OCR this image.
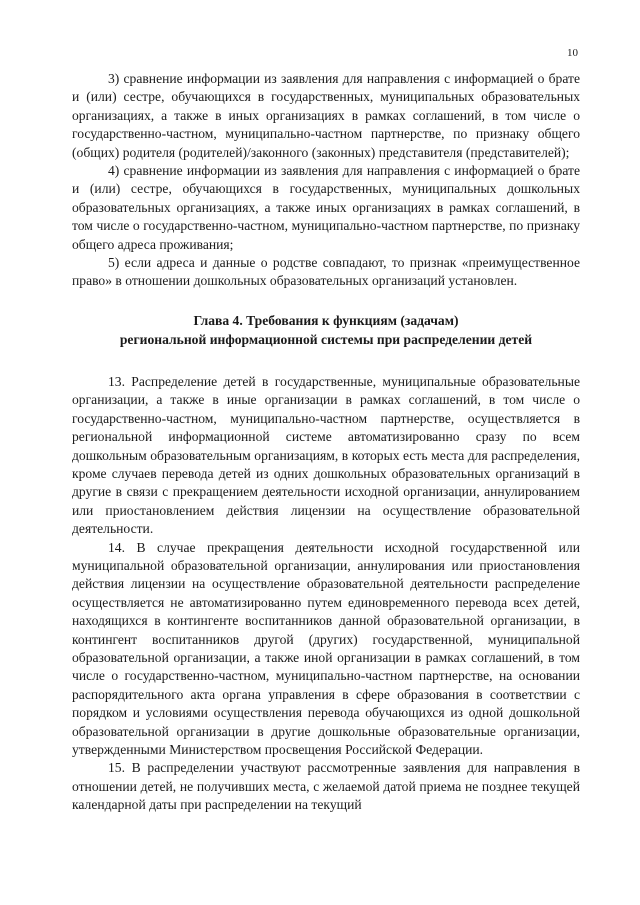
10

3) сравнение информации из заявления для направления с информацией о брате и (или) сестре, обучающихся в государственных, муниципальных образовательных организациях, а также в иных организациях в рамках соглашений, в том числе о государственно-частном, муниципально-частном партнерстве, по признаку общего (общих) родителя (родителей)/законного (законных) представителя (представителей);

4) сравнение информации из заявления для направления с информацией о брате и (или) сестре, обучающихся в государственных, муниципальных дошкольных образовательных организациях, а также иных организациях в рамках соглашений, в том числе о государственно-частном, муниципально-частном партнерстве, по признаку общего адреса проживания;

5) если адреса и данные о родстве совпадают, то признак «преимущественное право» в отношении дошкольных образовательных организаций установлен.

Глава 4. Требования к функциям (задачам)
региональной информационной системы при распределении детей

13. Распределение детей в государственные, муниципальные образовательные организации, а также в иные организации в рамках соглашений, в том числе о государственно-частном, муниципально-частном партнерстве, осуществляется в региональной информационной системе автоматизированно сразу по всем дошкольным образовательным организациям, в которых есть места для распределения, кроме случаев перевода детей из одних дошкольных образовательных организаций в другие в связи с прекращением деятельности исходной организации, аннулированием или приостановлением действия лицензии на осуществление образовательной деятельности.

14. В случае прекращения деятельности исходной государственной или муниципальной образовательной организации, аннулирования или приостановления действия лицензии на осуществление образовательной деятельности распределение осуществляется не автоматизированно путем единовременного перевода всех детей, находящихся в контингенте воспитанников данной образовательной организации, в контингент воспитанников другой (других) государственной, муниципальной образовательной организации, а также иной организации в рамках соглашений, в том числе о государственно-частном, муниципально-частном партнерстве, на основании распорядительного акта органа управления в сфере образования в соответствии с порядком и условиями осуществления перевода обучающихся из одной дошкольной образовательной организации в другие дошкольные образовательные организации, утвержденными Министерством просвещения Российской Федерации.

15. В распределении участвуют рассмотренные заявления для направления в отношении детей, не получивших места, с желаемой датой приема не позднее текущей календарной даты при распределении на текущий
